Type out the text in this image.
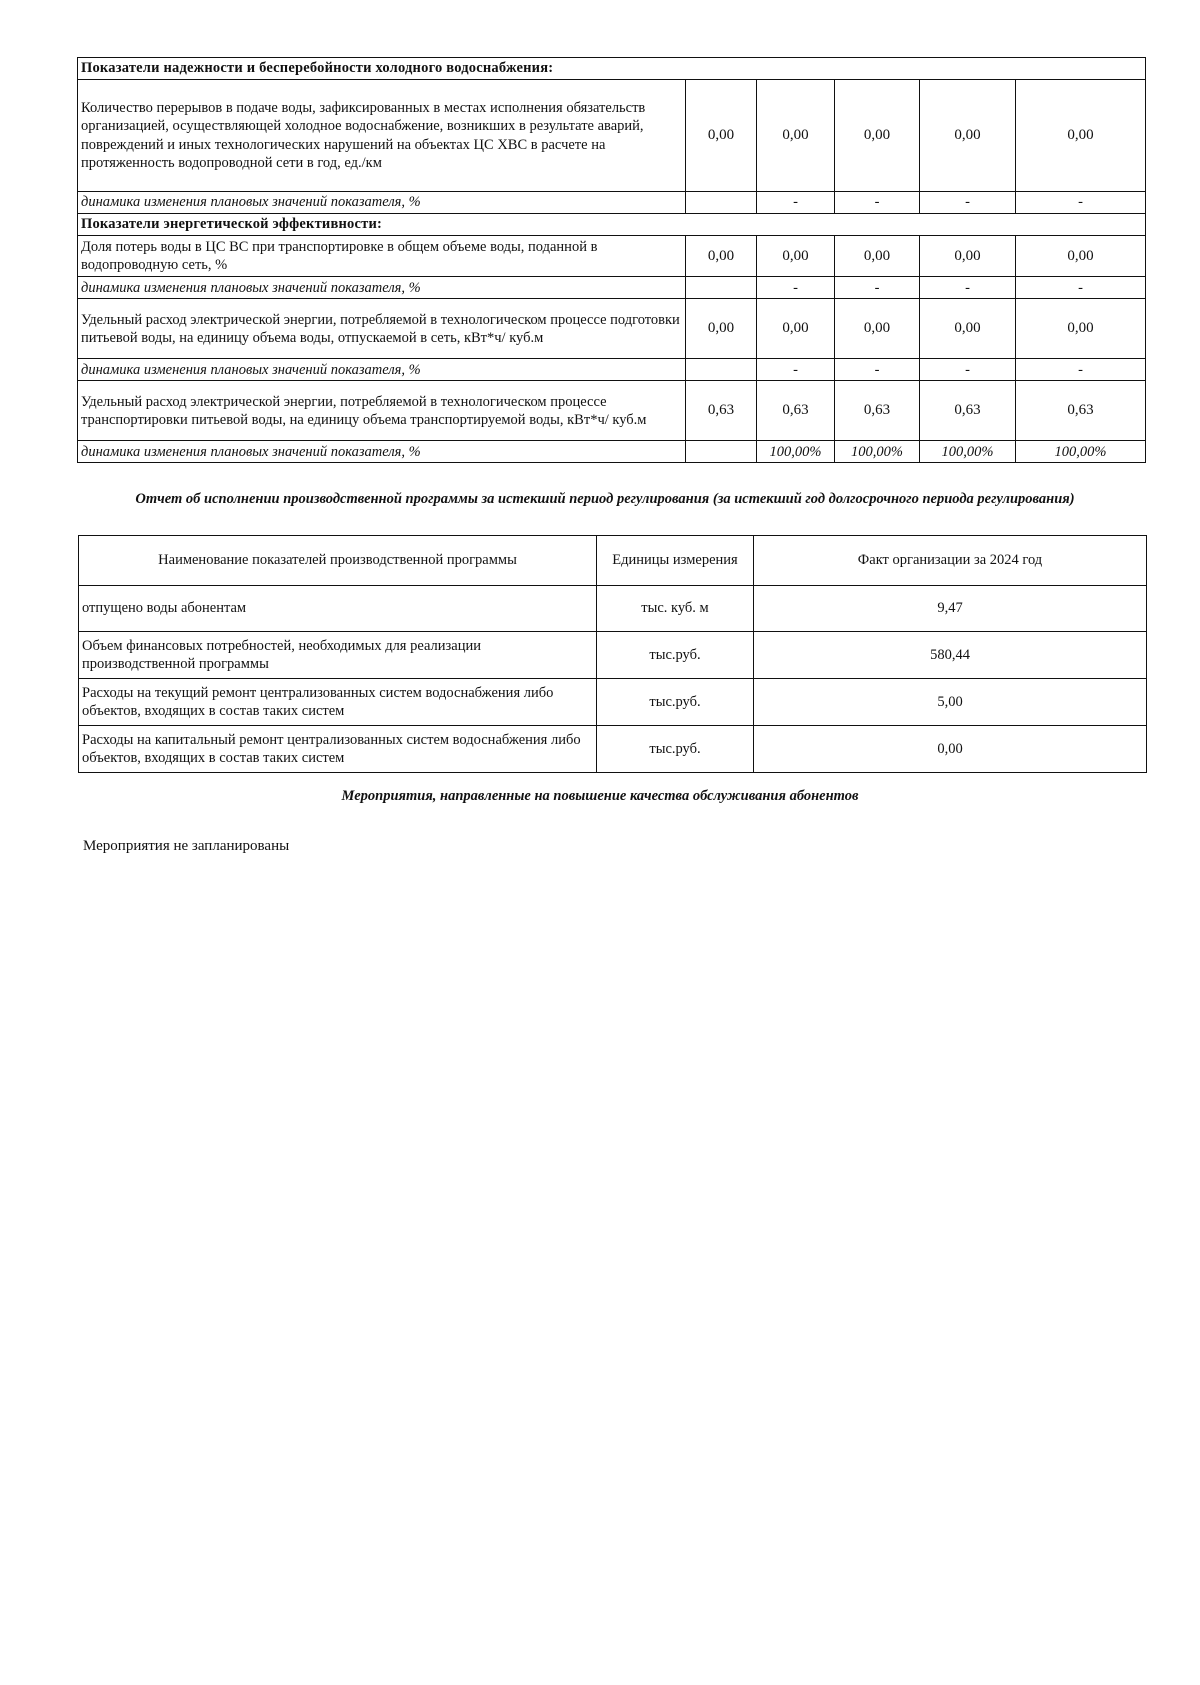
Показатели надежности и бесперебойности холодного водоснабжения:					
Количество перерывов в подаче воды, зафиксированных в местах исполнения обязательств организацией, осуществляющей холодное водоснабжение, возникших в результате аварий, повреждений и иных технологических нарушений на объектах ЦС ХВС в расчете на протяженность водопроводной сети в год, ед./км	0,00	0,00	0,00	0,00	0,00
динамика изменения плановых значений показателя, %		-	-	-	-
Показатели энергетической эффективности:					
Доля потерь воды в ЦС ВС при транспортировке в общем объеме воды, поданной в водопроводную сеть, %	0,00	0,00	0,00	0,00	0,00
динамика изменения плановых значений показателя, %		-	-	-	-
Удельный расход электрической энергии, потребляемой в технологическом процессе подготовки питьевой воды, на единицу объема воды, отпускаемой в сеть, кВт*ч/ куб.м	0,00	0,00	0,00	0,00	0,00
динамика изменения плановых значений показателя, %		-	-	-	-
Удельный расход электрической энергии, потребляемой в технологическом процессе транспортировки питьевой воды, на единицу объема транспортируемой воды, кВт*ч/ куб.м	0,63	0,63	0,63	0,63	0,63
динамика изменения плановых значений показателя, %		100,00%	100,00%	100,00%	100,00%
Отчет об исполнении производственной программы за истекший период регулирования (за истекший год долгосрочного периода регулирования)
Наименование показателей производственной программы	Единицы измерения	Факт организации за 2024 год
отпущено воды абонентам	тыс. куб. м	9,47
Объем финансовых потребностей, необходимых для реализации производственной программы	тыс.руб.	580,44
Расходы на текущий ремонт централизованных систем водоснабжения либо объектов, входящих в состав таких систем	тыс.руб.	5,00
Расходы на капитальный ремонт централизованных систем водоснабжения либо объектов, входящих в состав таких систем	тыс.руб.	0,00
Мероприятия, направленные на повышение качества обслуживания абонентов
Мероприятия не запланированы
